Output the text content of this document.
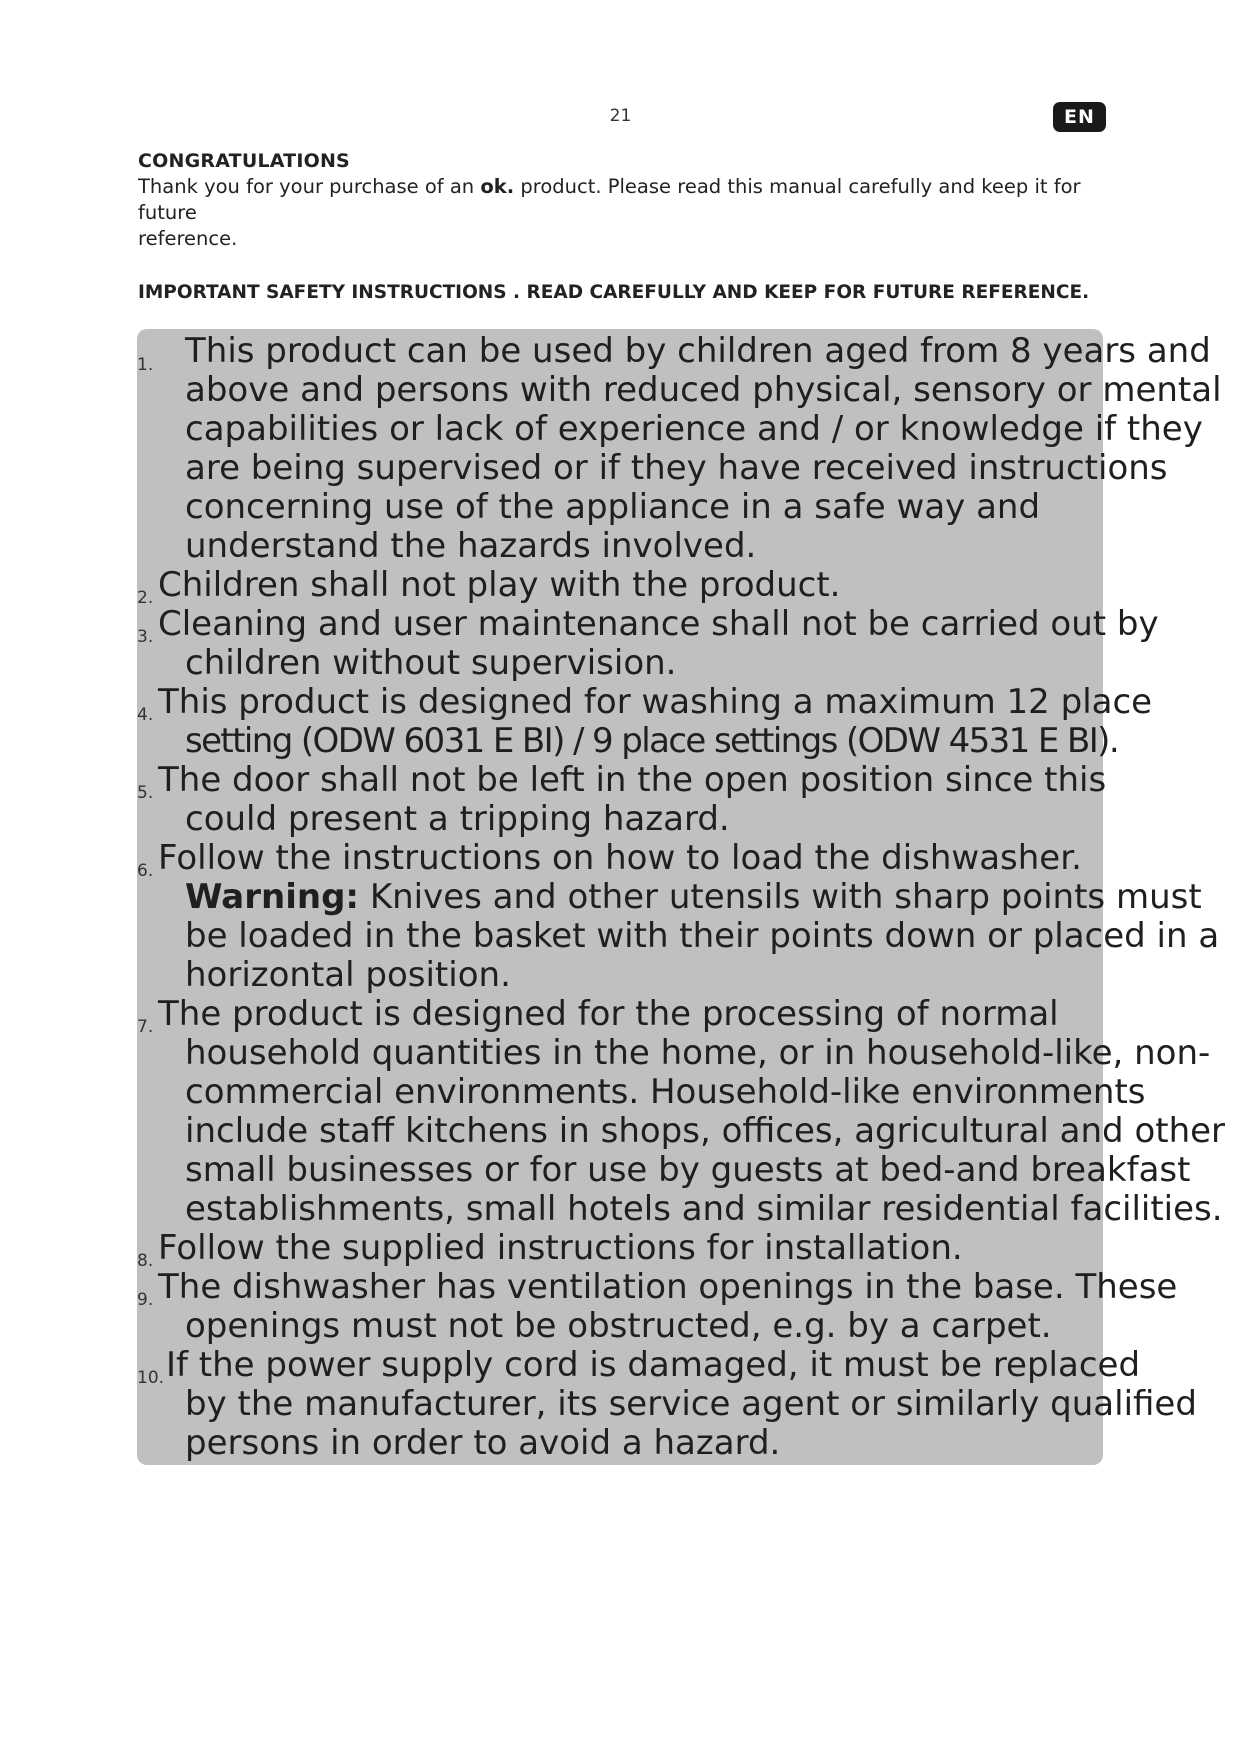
21	EN
CONGRATULATIONS
Thank you for your purchase of an ok. product. Please read this manual carefully and keep it for future
reference.
IMPORTANT SAFETY INSTRUCTIONS . READ CAREFULLY AND KEEP FOR FUTURE REFERENCE.
1. This product can be used by children aged from 8 years and
above and persons with reduced physical, sensory or mental
capabilities or lack of experience and / or knowledge if they
are being supervised or if they have received instructions
concerning use of the appliance in a safe way and
understand the hazards involved.
2. Children shall not play with the product.
3. Cleaning and user maintenance shall not be carried out by
children without supervision.
4. This product is designed for washing a maximum 12 place
setting (ODW 6031 E BI) / 9 place settings (ODW 4531 E BI).
5. The door shall not be left in the open position since this
could present a tripping hazard.
6. Follow the instructions on how to load the dishwasher.
Warning: Knives and other utensils with sharp points must
be loaded in the basket with their points down or placed in a
horizontal position.
7. The product is designed for the processing of normal
household quantities in the home, or in household-like, non-
commercial environments. Household-like environments
include staff kitchens in shops, offices, agricultural and other
small businesses or for use by guests at bed-and breakfast
establishments, small hotels and similar residential facilities.
8. Follow the supplied instructions for installation.
9. The dishwasher has ventilation openings in the base. These
openings must not be obstructed, e.g. by a carpet.
10. If the power supply cord is damaged, it must be replaced
by the manufacturer, its service agent or similarly qualified
persons in order to avoid a hazard.
